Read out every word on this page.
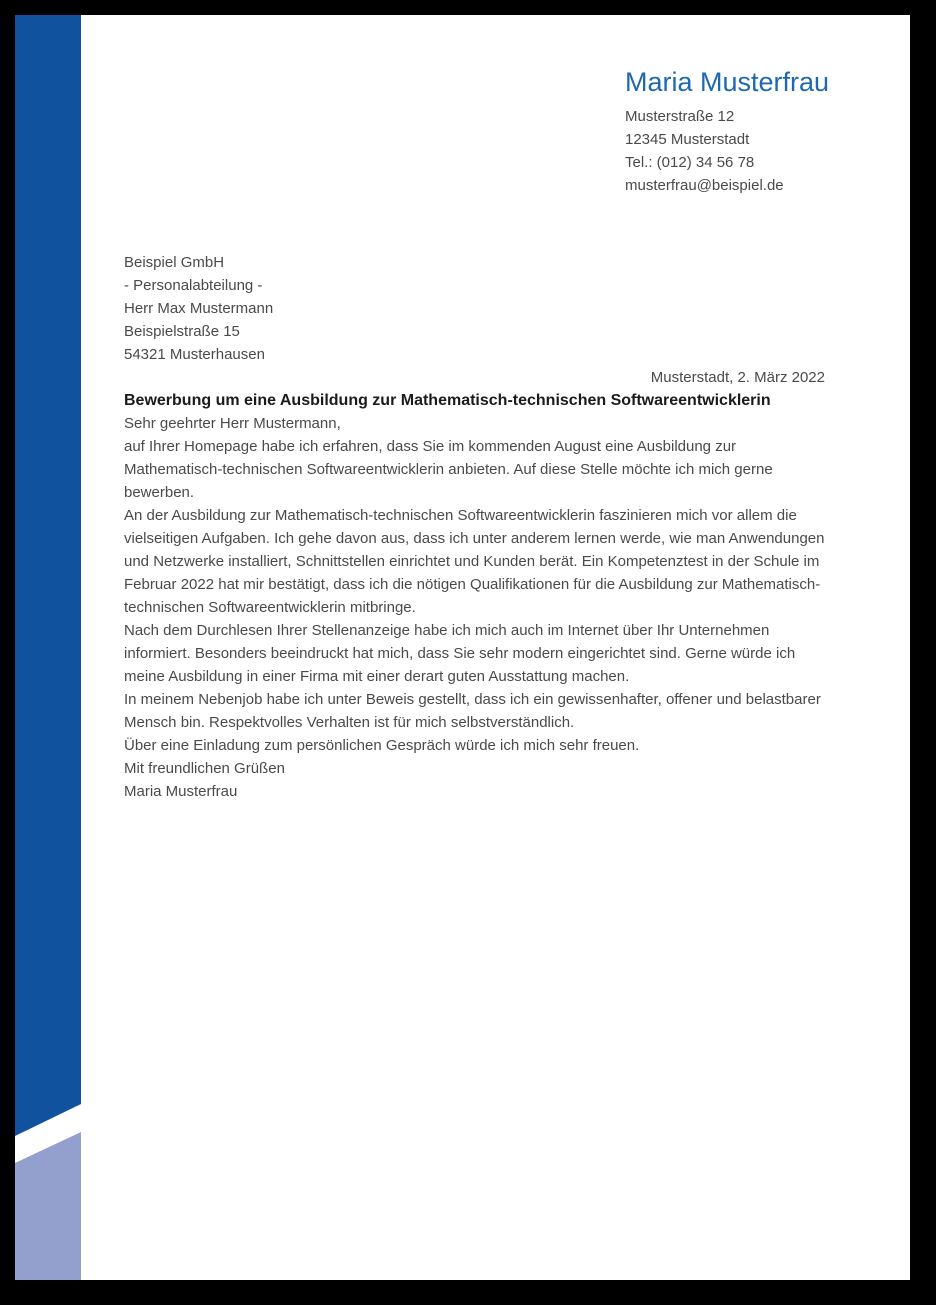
Maria Musterfrau
Musterstraße 12
12345 Musterstadt
Tel.: (012) 34 56 78
musterfrau@beispiel.de
Beispiel GmbH
- Personalabteilung -
Herr Max Mustermann
Beispielstraße 15
54321 Musterhausen

Musterstadt, 2. März 2022

Bewerbung um eine Ausbildung zur Mathematisch-technischen Softwareentwicklerin

Sehr geehrter Herr Mustermann,

auf Ihrer Homepage habe ich erfahren, dass Sie im kommenden August eine Ausbildung zur Mathematisch-technischen Softwareentwicklerin anbieten. Auf diese Stelle möchte ich mich gerne bewerben.

An der Ausbildung zur Mathematisch-technischen Softwareentwicklerin faszinieren mich vor allem die vielseitigen Aufgaben. Ich gehe davon aus, dass ich unter anderem lernen werde, wie man Anwendungen und Netzwerke installiert, Schnittstellen einrichtet und Kunden berät. Ein Kompetenztest in der Schule im Februar 2022 hat mir bestätigt, dass ich die nötigen Qualifikationen für die Ausbildung zur Mathematisch-technischen Softwareentwicklerin mitbringe.

Nach dem Durchlesen Ihrer Stellenanzeige habe ich mich auch im Internet über Ihr Unternehmen informiert. Besonders beeindruckt hat mich, dass Sie sehr modern eingerichtet sind. Gerne würde ich meine Ausbildung in einer Firma mit einer derart guten Ausstattung machen.

In meinem Nebenjob habe ich unter Beweis gestellt, dass ich ein gewissenhafter, offener und belastbarer Mensch bin. Respektvolles Verhalten ist für mich selbstverständlich.

Über eine Einladung zum persönlichen Gespräch würde ich mich sehr freuen.

Mit freundlichen Grüßen

Maria Musterfrau
